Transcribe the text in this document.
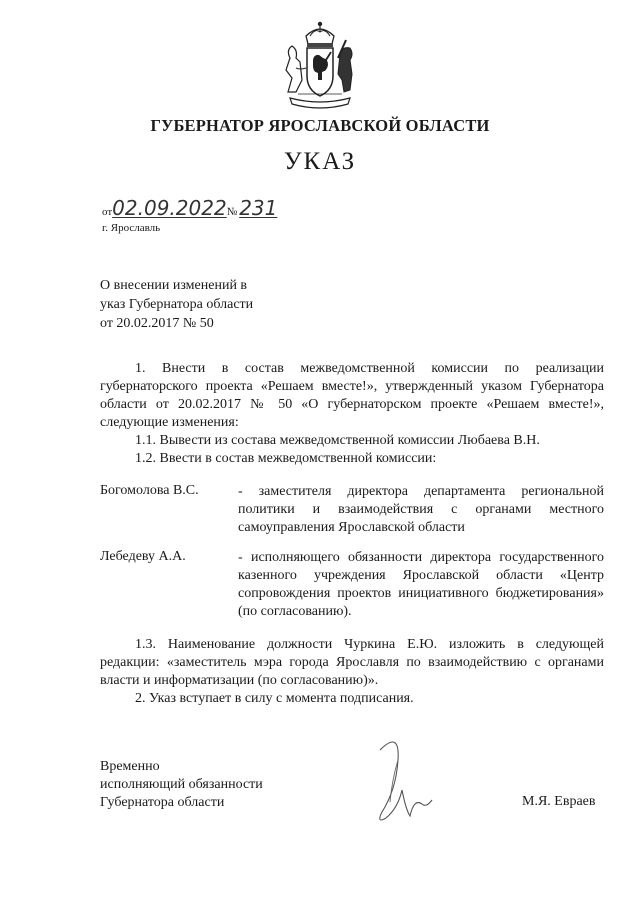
ГУБЕРНАТОР ЯРОСЛАВСКОЙ ОБЛАСТИ
УКАЗ
от02.09.2022№ 231
г. Ярославль
О внесении изменений в
указ Губернатора области
от 20.02.2017 № 50
1. Внести в состав межведомственной комиссии по реализации губернаторского проекта «Решаем вместе!», утвержденный указом Губернатора области от 20.02.2017 № 50 «О губернаторском проекте «Решаем вместе!», следующие изменения:
1.1. Вывести из состава межведомственной комиссии Любаева В.Н.
1.2. Ввести в состав межведомственной комиссии:
Богомолова В.С.	- заместителя директора департамента региональной политики и взаимодействия с органами местного самоуправления Ярославской области
Лебедеву А.А.	- исполняющего обязанности директора государственного казенного учреждения Ярославской области «Центр сопровождения проектов инициативного бюджетирования» (по согласованию).
1.3. Наименование должности Чуркина Е.Ю. изложить в следующей редакции: «заместитель мэра города Ярославля по взаимодействию с органами власти и информатизации (по согласованию)».
2. Указ вступает в силу с момента подписания.
Временно
исполняющий обязанности
Губернатора области	М.Я. Евраев
